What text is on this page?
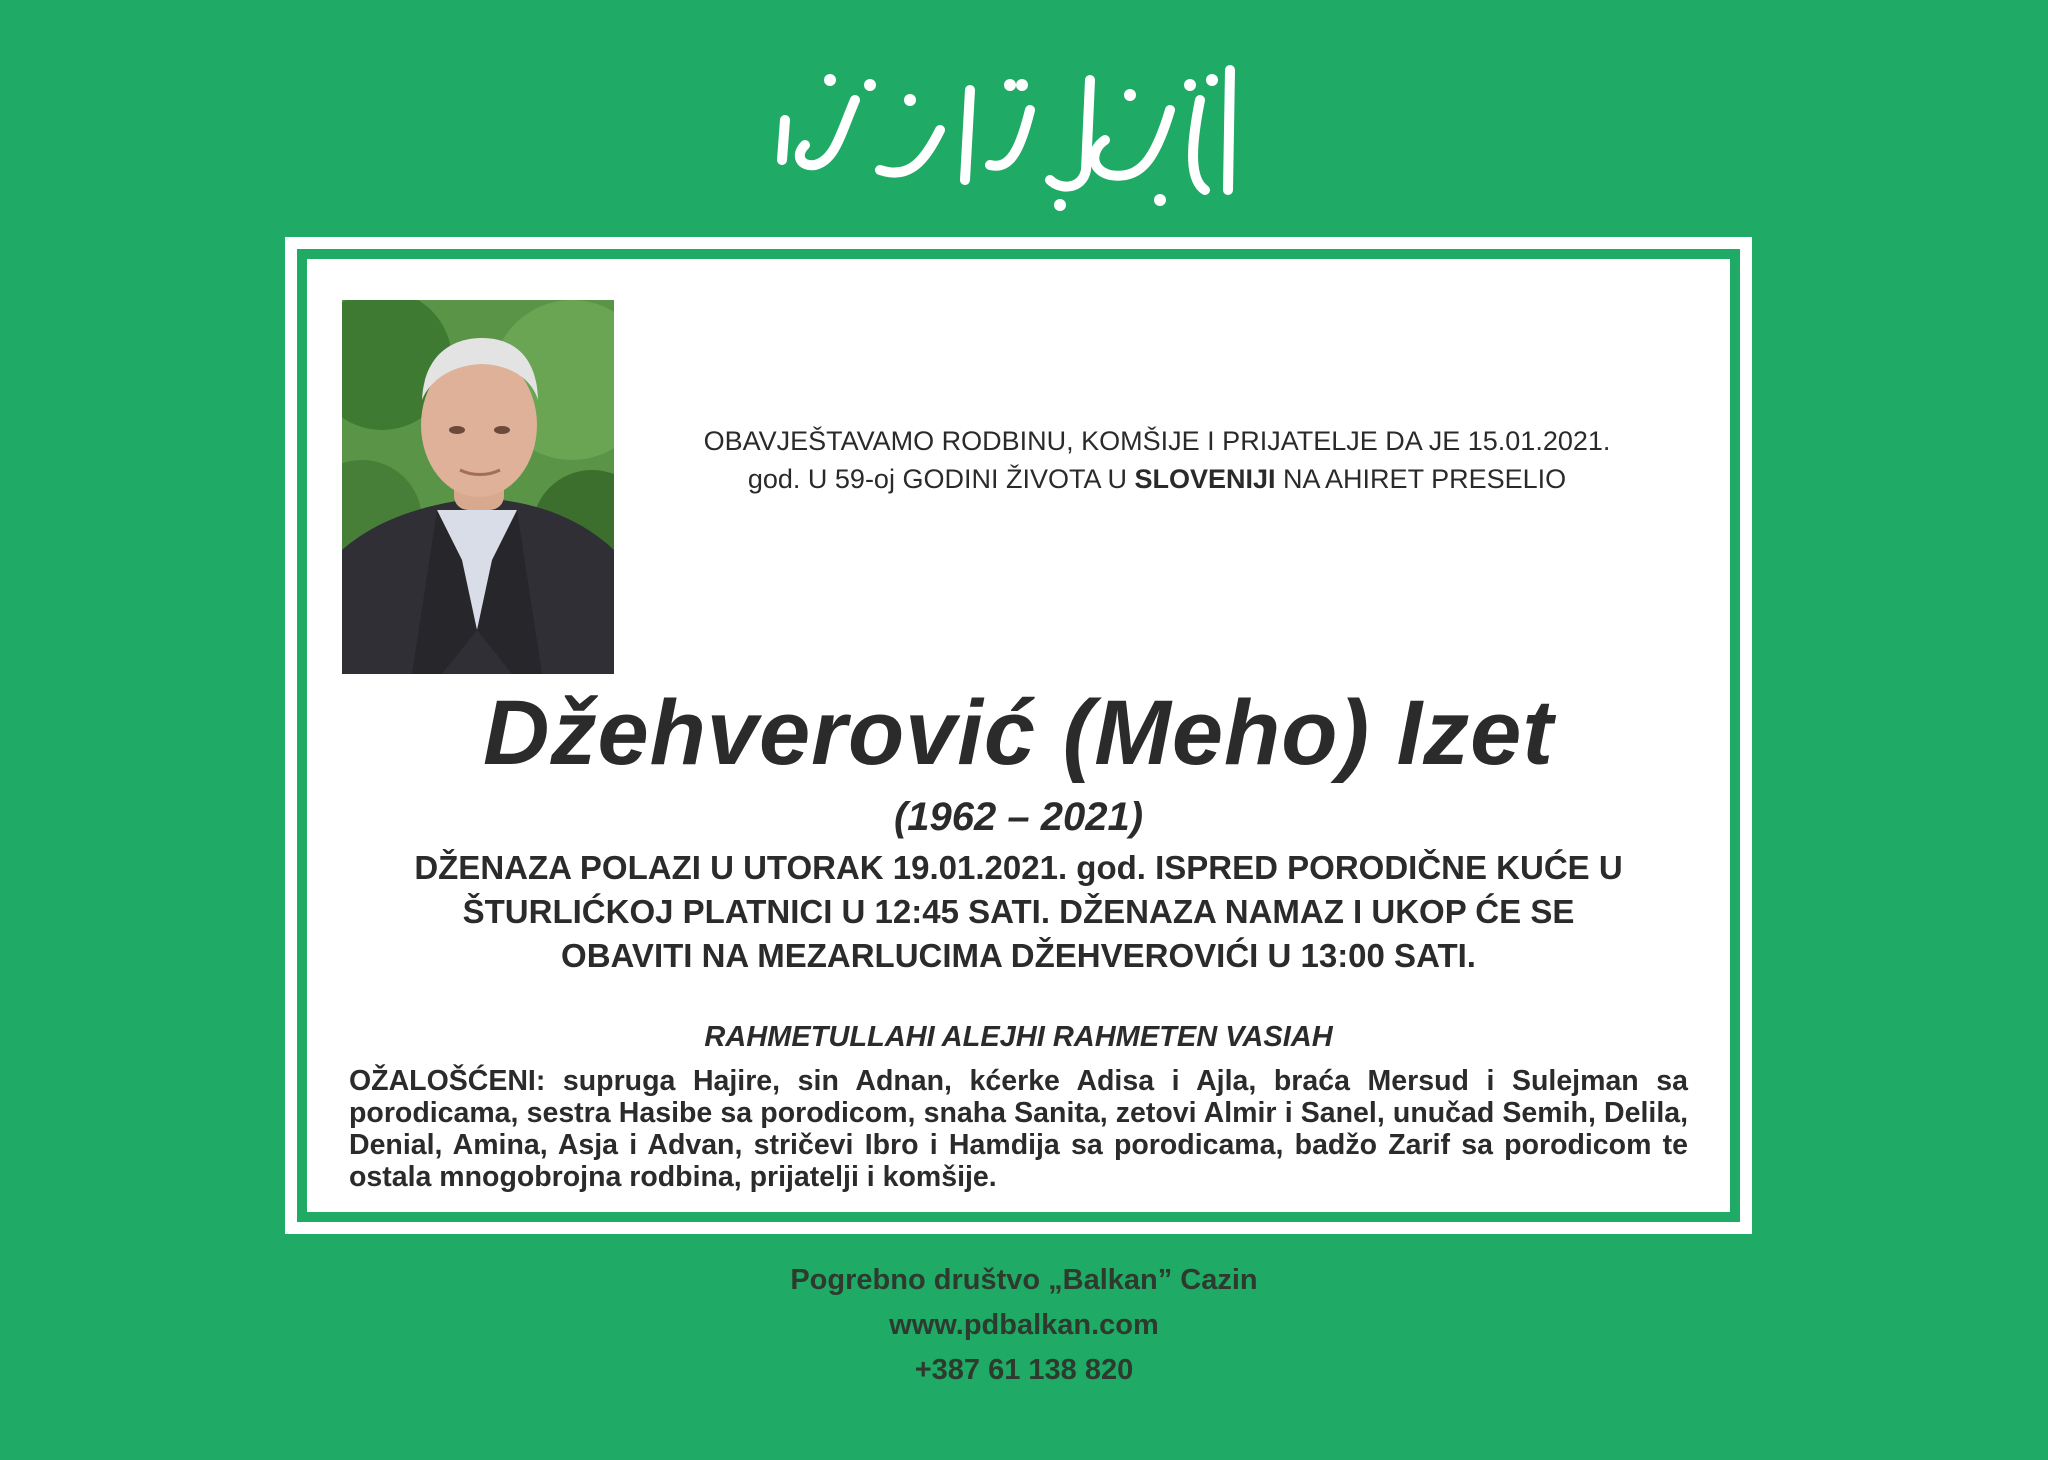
OBAVJEŠTAVAMO RODBINU, KOMŠIJE I PRIJATELJE DA JE 15.01.2021.
god. U 59-oj GODINI ŽIVOTA U SLOVENIJI NA AHIRET PRESELIO
Džehverović (Meho) Izet
(1962 – 2021)
DŽENAZA POLAZI U UTORAK 19.01.2021. god. ISPRED PORODIČNE KUĆE U
ŠTURLIĆKOJ PLATNICI U 12:45 SATI. DŽENAZA NAMAZ I UKOP ĆE SE
OBAVITI NA MEZARLUCIMA DŽEHVEROVIĆI U 13:00 SATI.
RAHMETULLAHI ALEJHI RAHMETEN VASIAH
OŽALOŠĆENI: supruga Hajire, sin Adnan, kćerke Adisa i Ajla, braća Mersud i Sulejman sa porodicama, sestra Hasibe sa porodicom, snaha Sanita, zetovi Almir i Sanel, unučad Semih, Delila, Denial, Amina, Asja i Advan, stričevi Ibro i Hamdija sa porodicama, badžo Zarif sa porodicom te ostala mnogobrojna rodbina, prijatelji i komšije.
Pogrebno društvo „Balkan” Cazin
www.pdbalkan.com
+387 61 138 820
